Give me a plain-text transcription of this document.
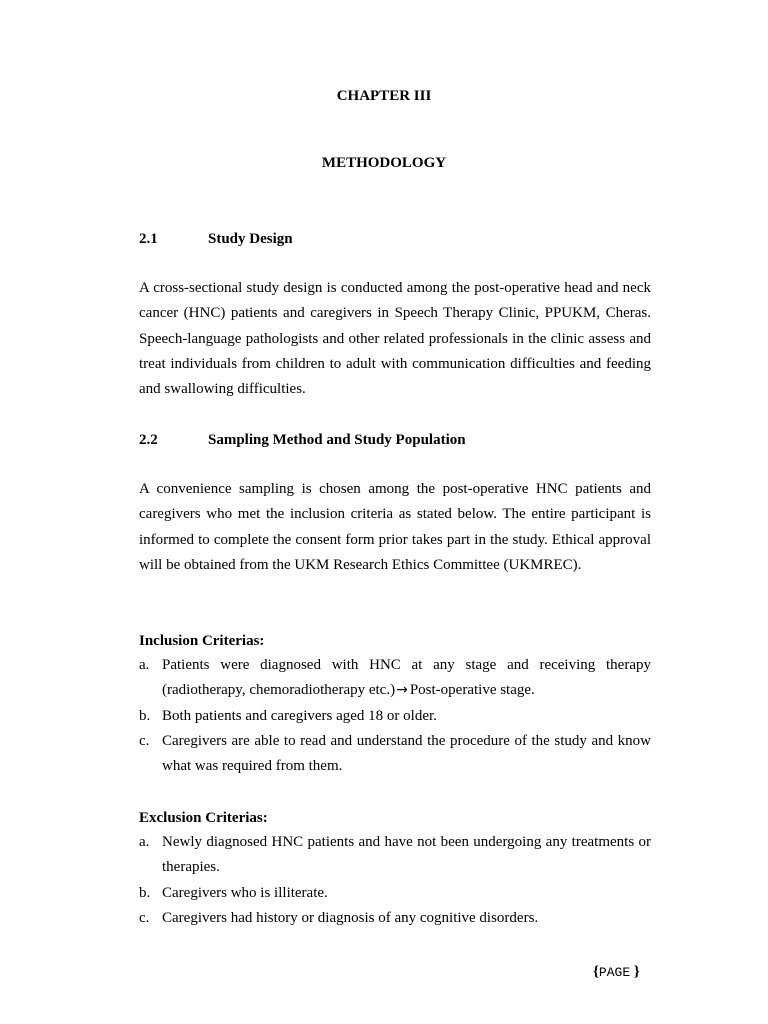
CHAPTER III
METHODOLOGY
2.1	Study Design

A cross-sectional study design is conducted among the post-operative head and neck cancer (HNC) patients and caregivers in Speech Therapy Clinic, PPUKM, Cheras. Speech-language pathologists and other related professionals in the clinic assess and treat individuals from children to adult with communication difficulties and feeding and swallowing difficulties.

2.2	Sampling Method and Study Population

A convenience sampling is chosen among the post-operative HNC patients and caregivers who met the inclusion criteria as stated below. The entire participant is informed to complete the consent form prior takes part in the study. Ethical approval will be obtained from the UKM Research Ethics Committee (UKMREC).

Inclusion Criterias:
a. Patients were diagnosed with HNC at any stage and receiving therapy (radiotherapy, chemoradiotherapy etc.)→ Post-operative stage.
b. Both patients and caregivers aged 18 or older.
c. Caregivers are able to read and understand the procedure of the study and know what was required from them.
Exclusion Criterias:
a. Newly diagnosed HNC patients and have not been undergoing any treatments or therapies.
b. Caregivers who is illiterate.
c. Caregivers had history or diagnosis of any cognitive disorders.
{PAGE }
